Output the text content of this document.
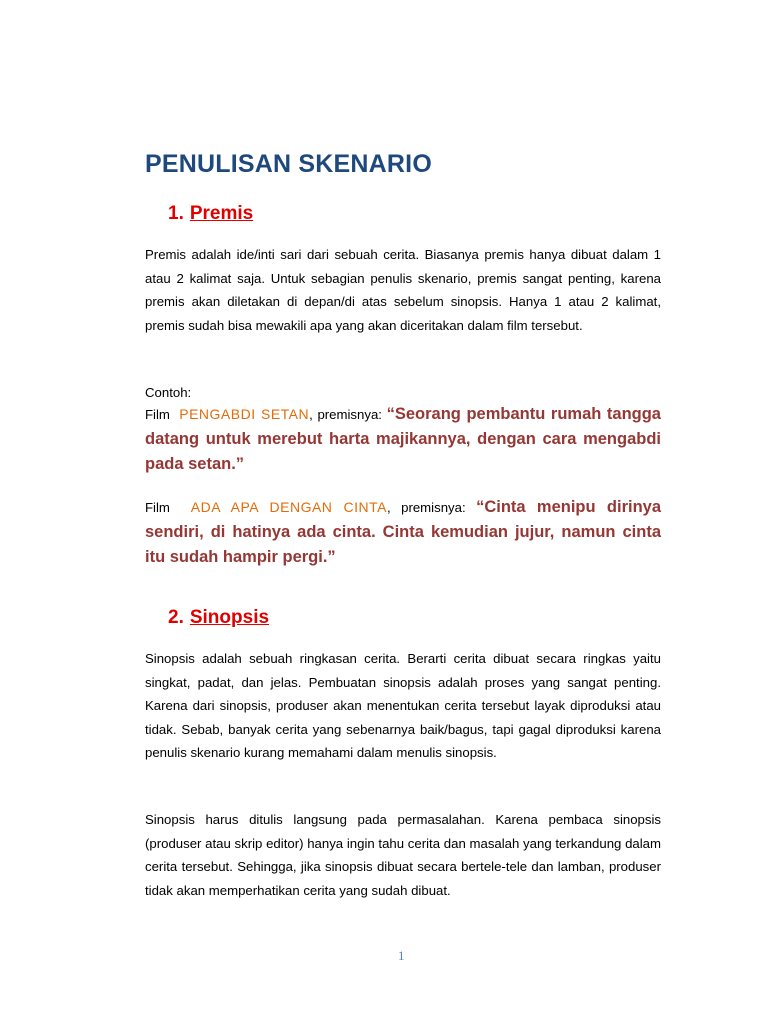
PENULISAN SKENARIO
1. Premis

Premis adalah ide/inti sari dari sebuah cerita. Biasanya premis hanya dibuat dalam 1 atau 2 kalimat saja. Untuk sebagian penulis skenario, premis sangat penting, karena premis akan diletakan di depan/di atas sebelum sinopsis. Hanya 1 atau 2 kalimat, premis sudah bisa mewakili apa yang akan diceritakan dalam film tersebut.

Contoh:

Film PENGABDI SETAN, premisnya: “Seorang pembantu rumah tangga datang untuk merebut harta majikannya, dengan cara mengabdi pada setan.”

Film ADA APA DENGAN CINTA, premisnya: “Cinta menipu dirinya sendiri, di hatinya ada cinta. Cinta kemudian jujur, namun cinta itu sudah hampir pergi.”

2. Sinopsis

Sinopsis adalah sebuah ringkasan cerita. Berarti cerita dibuat secara ringkas yaitu singkat, padat, dan jelas. Pembuatan sinopsis adalah proses yang sangat penting. Karena dari sinopsis, produser akan menentukan cerita tersebut layak diproduksi atau tidak. Sebab, banyak cerita yang sebenarnya baik/bagus, tapi gagal diproduksi karena penulis skenario kurang memahami dalam menulis sinopsis.

Sinopsis harus ditulis langsung pada permasalahan. Karena pembaca sinopsis (produser atau skrip editor) hanya ingin tahu cerita dan masalah yang terkandung dalam cerita tersebut. Sehingga, jika sinopsis dibuat secara bertele-tele dan lamban, produser tidak akan memperhatikan cerita yang sudah dibuat.

1
